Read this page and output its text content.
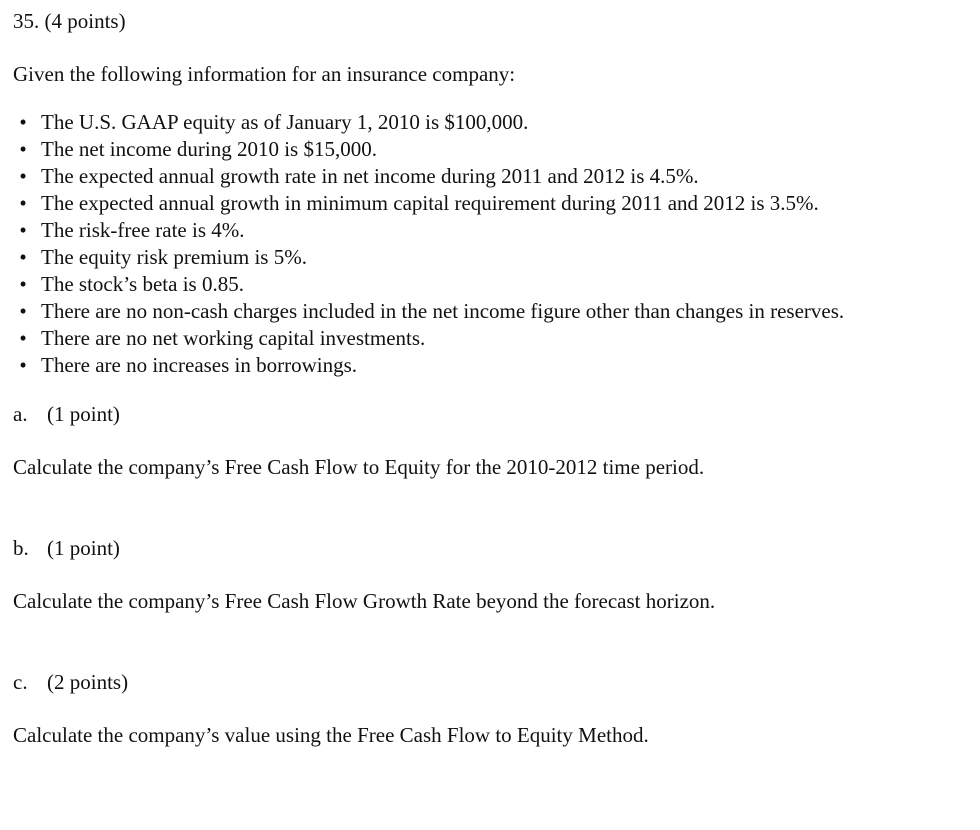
35. (4 points)

Given the following information for an insurance company:

• The U.S. GAAP equity as of January 1, 2010 is $100,000.
• The net income during 2010 is $15,000.
• The expected annual growth rate in net income during 2011 and 2012 is 4.5%.
• The expected annual growth in minimum capital requirement during 2011 and 2012 is 3.5%.
• The risk-free rate is 4%.
• The equity risk premium is 5%.
• The stock’s beta is 0.85.
• There are no non-cash charges included in the net income figure other than changes in reserves.
• There are no net working capital investments.
• There are no increases in borrowings.

a. (1 point)

Calculate the company’s Free Cash Flow to Equity for the 2010-2012 time period.

b. (1 point)

Calculate the company’s Free Cash Flow Growth Rate beyond the forecast horizon.

c. (2 points)

Calculate the company’s value using the Free Cash Flow to Equity Method.
